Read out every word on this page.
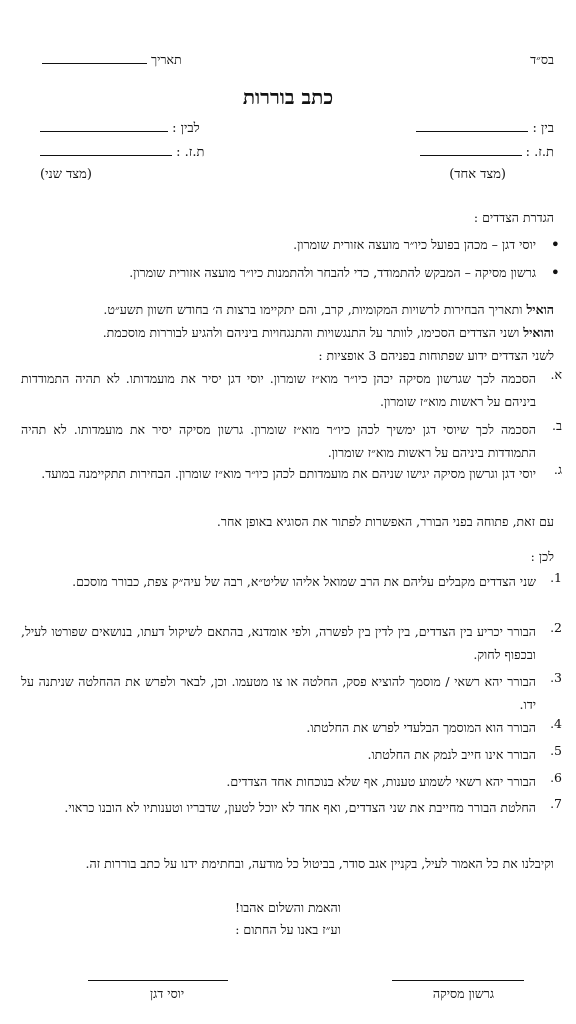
בס״ד
תאריך
כתב בוררות
בין :
לבין :
ת.ז. :
ת.ז. :
(מצד אחד)
(מצד שני)
הגדרת הצדדים :
•
יוסי דגן – מכהן בפועל כיו״ר מועצה אזורית שומרון.
•
גרשון מסיקה – המבקש להתמודד, כדי להבחר ולהתמנות כיו״ר מועצה אזורית שומרון.
הואיל ותאריך הבחירות לרשויות המקומיות, קרב, והם יתקיימו ברצות ה׳ בחודש חשוון תשע״ט.
והואיל ושני הצדדים הסכימו, לוותר על התנגשויות והתנגחויות ביניהם ולהגיע לבוררות מוסכמת.
לשני הצדדים ידוע שפתוחות בפניהם 3 אופציות :
א.
הסכמה לכך שגרשון מסיקה יכהן כיו״ר מוא״ז שומרון. יוסי דגן יסיר את מועמדותו. לא תהיה התמודדות ביניהם על ראשות מוא״ז שומרון.
ב.
הסכמה לכך שיוסי דגן ימשיך לכהן כיו״ר מוא״ז שומרון. גרשון מסיקה יסיר את מועמדותו. לא תהיה התמודדות ביניהם על ראשות מוא״ז שומרון.
ג.
יוסי דגן וגרשון מסיקה יגישו שניהם את מועמדותם לכהן כיו״ר מוא״ז שומרון. הבחירות תתקיימנה במועד.
עם זאת, פתוחה בפני הבורר, האפשרות לפתור את הסוגיא באופן אחר.
לכן :
1.
שני הצדדים מקבלים עליהם את הרב שמואל אליהו שליט״א, רבה של עיה״ק צפת, כבורר מוסכם.
2.
הבורר יכריע בין הצדדים, בין לדין בין לפשרה, ולפי אומדנא, בהתאם לשיקול דעתו, בנושאים שפורטו לעיל, ובכפוף לחוק.
3.
הבורר יהא רשאי / מוסמך להוציא פסק, החלטה או צו מטעמו. וכן, לבאר ולפרש את ההחלטה שניתנה על ידו.
4.
הבורר הוא המוסמך הבלעדי לפרש את החלטתו.
5.
הבורר אינו חייב לנמק את החלטתו.
6.
הבורר יהא רשאי לשמוע טענות, אף שלא בנוכחות אחד הצדדים.
7.
החלטת הבורר מחייבת את שני הצדדים, ואף אחד לא יוכל לטעון, שדבריו וטענותיו לא הובנו כראוי.
וקיבלנו את כל האמור לעיל, בקניין אגב סודר, בביטול כל מודעה, ובחתימת ידנו על כתב בוררות זה.
והאמת והשלום אהבו!
וע״ז באנו על החתום :
גרשון מסיקה
יוסי דגן
